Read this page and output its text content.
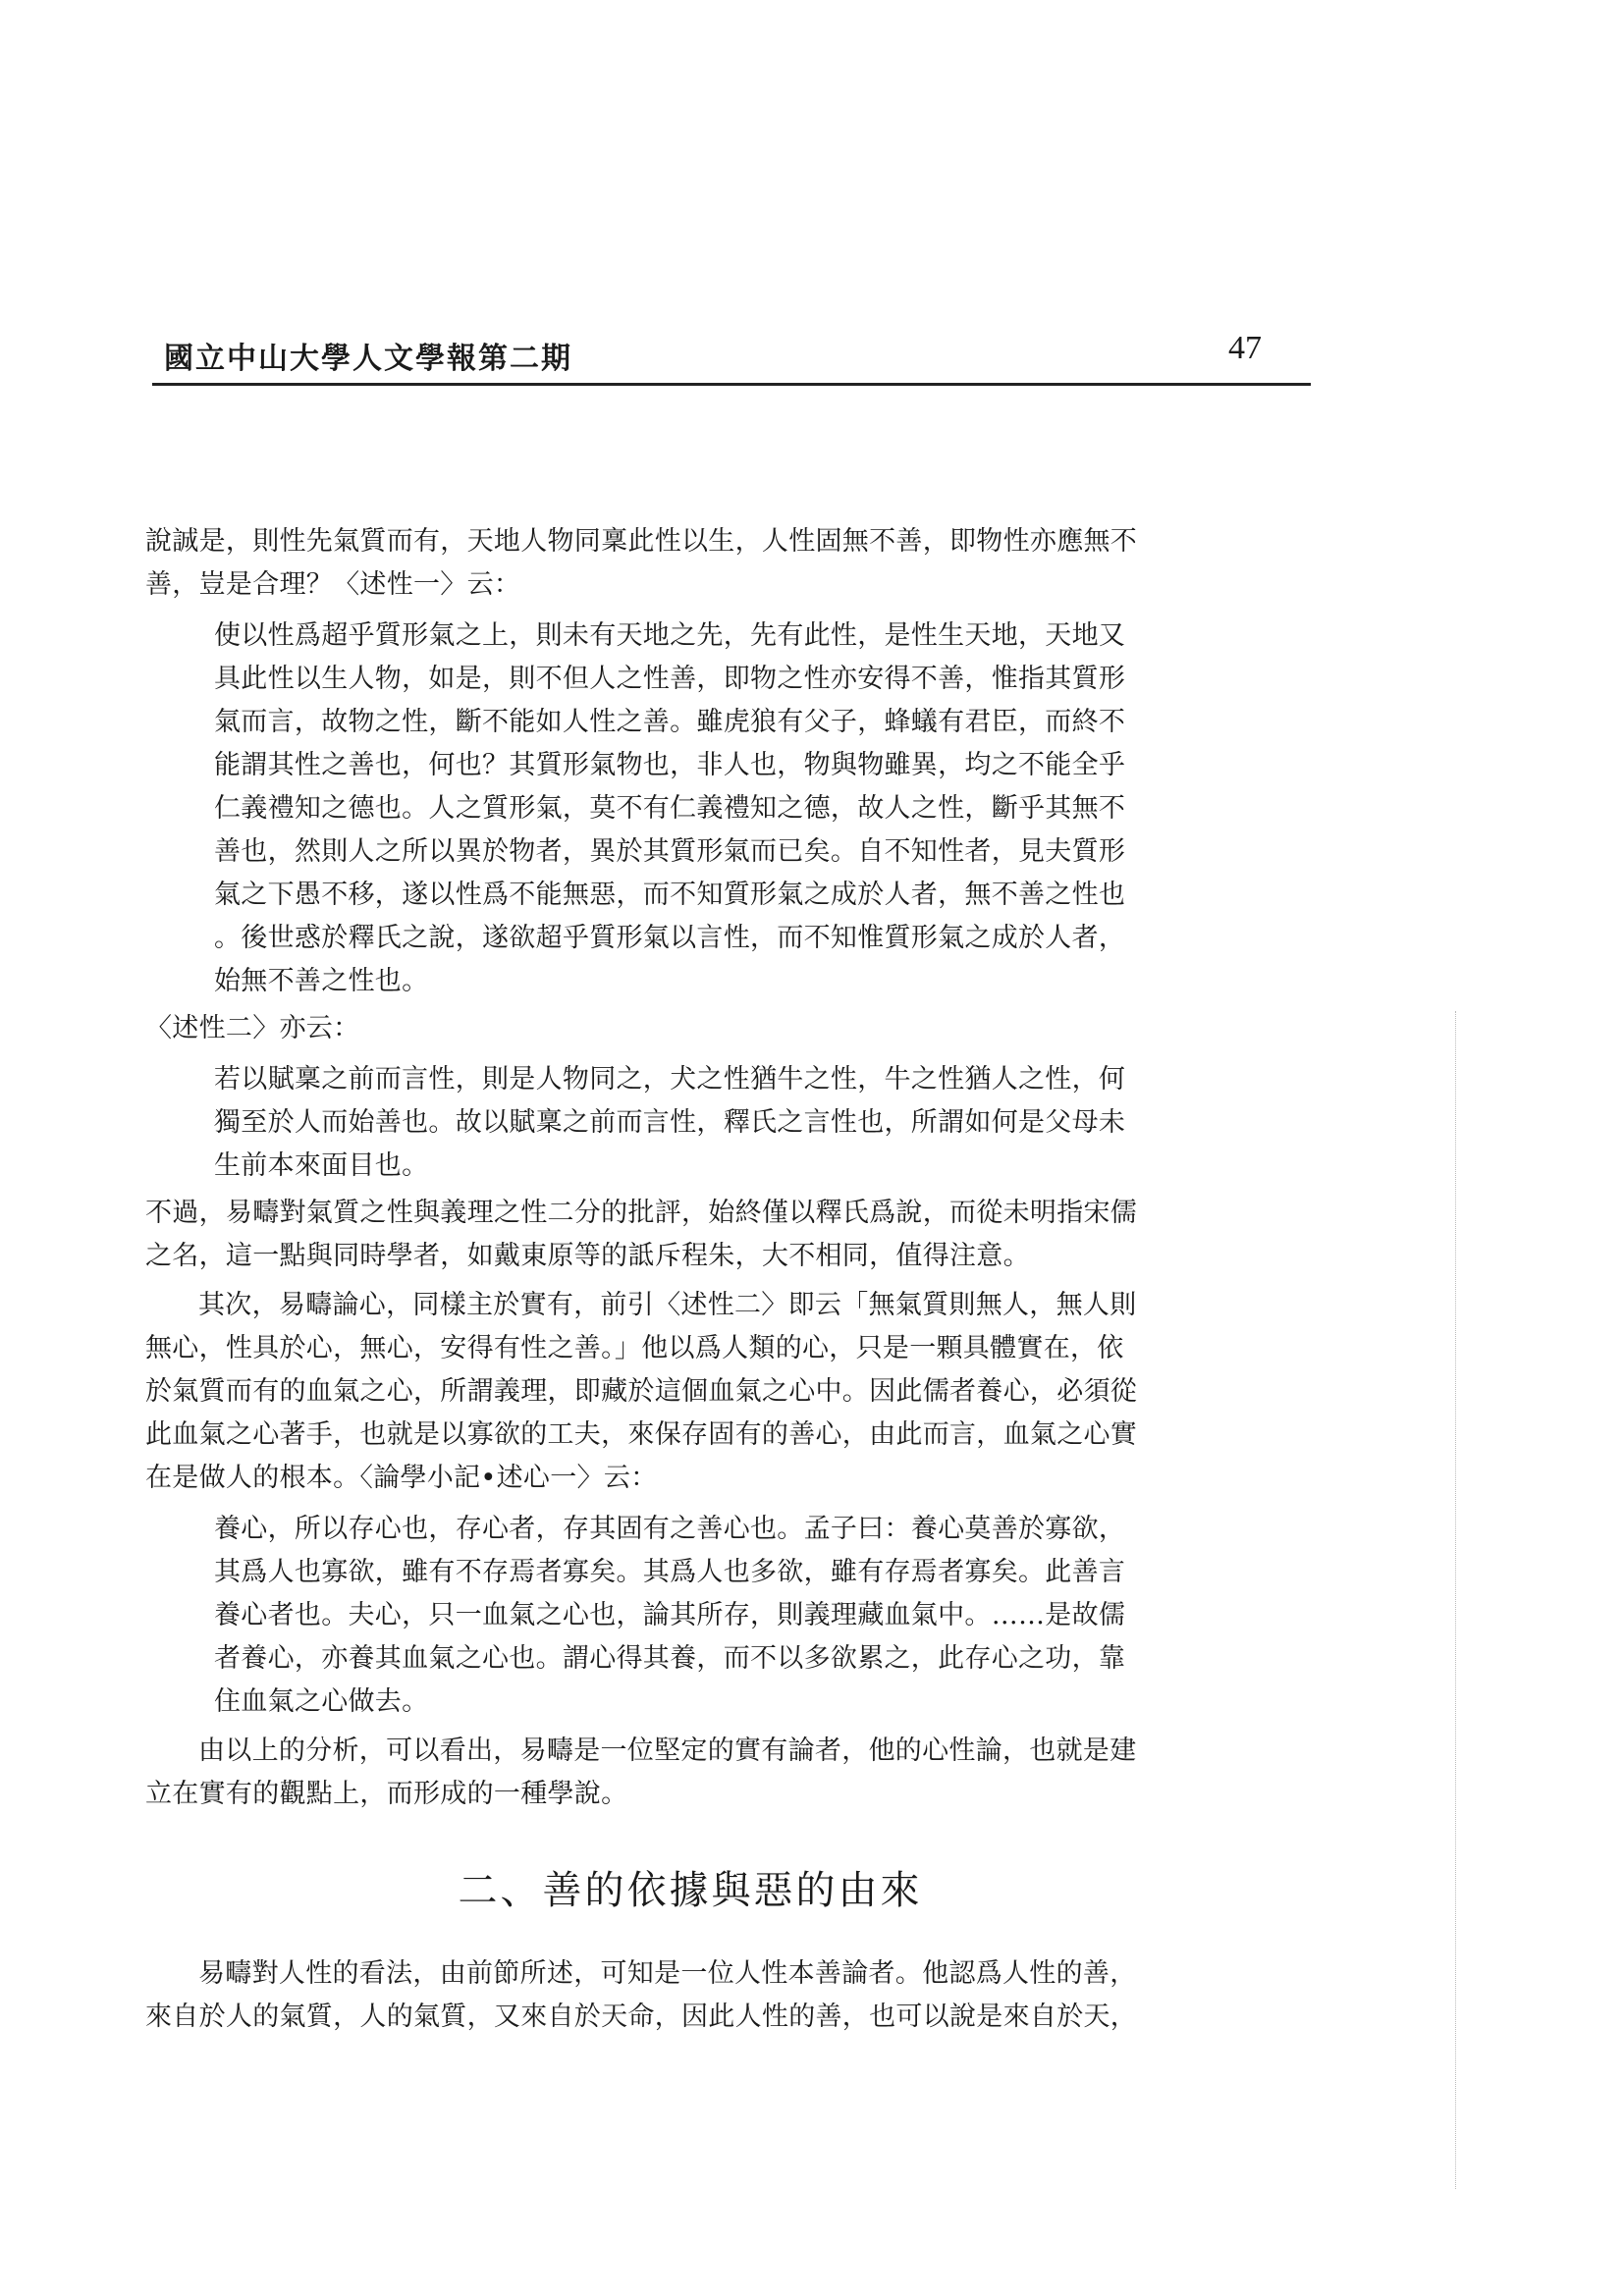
國立中山大學人文學報第二期	47

說誠是，則性先氣質而有，天地人物同稟此性以生，人性固無不善，即物性亦應無不
善，豈是合理？〈述性一〉云：

使以性爲超乎質形氣之上，則未有天地之先，先有此性，是性生天地，天地又
具此性以生人物，如是，則不但人之性善，即物之性亦安得不善，惟指其質形
氣而言，故物之性，斷不能如人性之善。雖虎狼有父子，蜂蟻有君臣，而終不
能謂其性之善也，何也？其質形氣物也，非人也，物與物雖異，均之不能全乎
仁義禮知之德也。人之質形氣，莫不有仁義禮知之德，故人之性，斷乎其無不
善也，然則人之所以異於物者，異於其質形氣而已矣。自不知性者，見夫質形
氣之下愚不移，遂以性爲不能無惡，而不知質形氣之成於人者，無不善之性也
。後世惑於釋氏之說，遂欲超乎質形氣以言性，而不知惟質形氣之成於人者，
始無不善之性也。

〈述性二〉亦云：

若以賦稟之前而言性，則是人物同之，犬之性猶牛之性，牛之性猶人之性，何
獨至於人而始善也。故以賦稟之前而言性，釋氏之言性也，所謂如何是父母未
生前本來面目也。

不過，易疇對氣質之性與義理之性二分的批評，始終僅以釋氏爲說，而從未明指宋儒
之名，這一點與同時學者，如戴東原等的詆斥程朱，大不相同，值得注意。

其次，易疇論心，同樣主於實有，前引〈述性二〉即云「無氣質則無人，無人則
無心，性具於心，無心，安得有性之善。」他以爲人類的心，只是一顆具體實在，依
於氣質而有的血氣之心，所謂義理，即藏於這個血氣之心中。因此儒者養心，必須從
此血氣之心著手，也就是以寡欲的工夫，來保存固有的善心，由此而言，血氣之心實
在是做人的根本。〈論學小記•述心一〉云：

養心，所以存心也，存心者，存其固有之善心也。孟子曰：養心莫善於寡欲，
其爲人也寡欲，雖有不存焉者寡矣。其爲人也多欲，雖有存焉者寡矣。此善言
養心者也。夫心，只一血氣之心也，論其所存，則義理藏血氣中。……是故儒
者養心，亦養其血氣之心也。謂心得其養，而不以多欲累之，此存心之功，靠
住血氣之心做去。

由以上的分析，可以看出，易疇是一位堅定的實有論者，他的心性論，也就是建
立在實有的觀點上，而形成的一種學說。

二、善的依據與惡的由來

易疇對人性的看法，由前節所述，可知是一位人性本善論者。他認爲人性的善，
來自於人的氣質，人的氣質，又來自於天命，因此人性的善，也可以說是來自於天，
